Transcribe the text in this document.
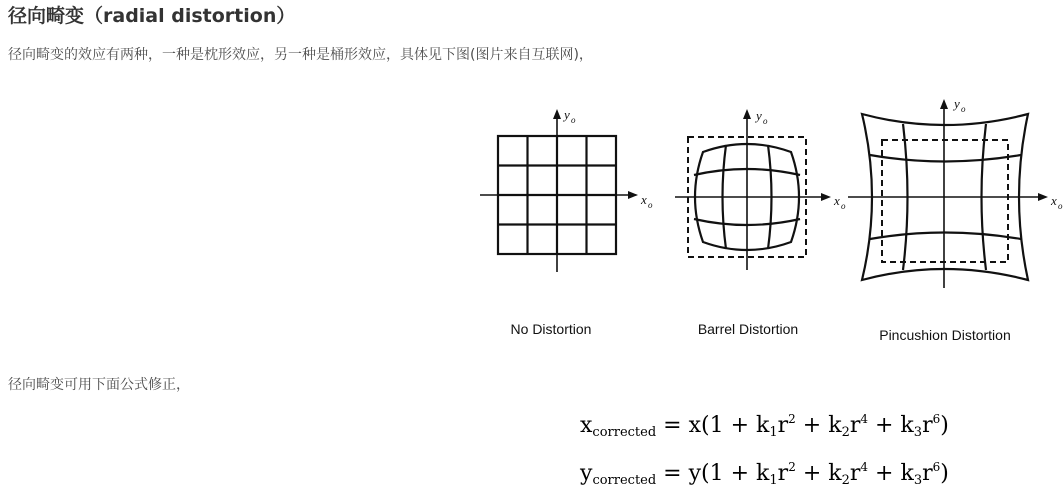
径向畸变（radial distortion）
径向畸变的效应有两种，一种是枕形效应，另一种是桶形效应，具体见下图(图片来自互联网)，
x o
y o
x o
y o
x o
y o
No Distortion	Barrel Distortion	Pincushion Distortion
径向畸变可用下面公式修正，
xcorrected = $x(1 + k1r^2 + k2r^4 + k3r^6)$
ycorrected = $y(1 + k1r^2 + k2r^4 + k3r^6)$
